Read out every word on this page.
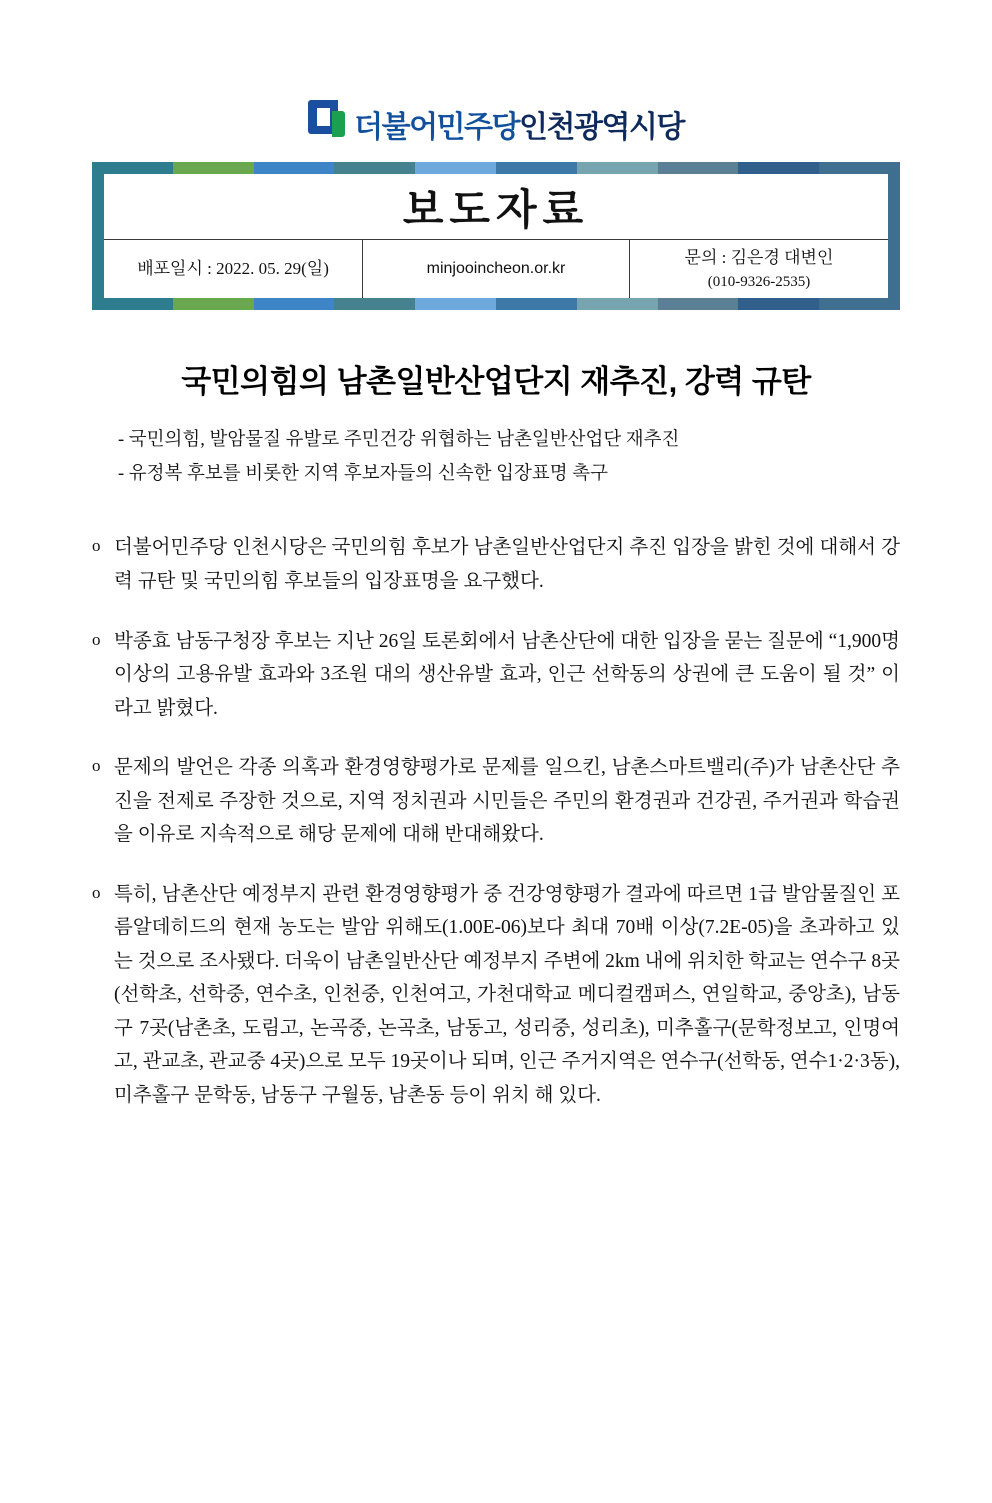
더불어민주당인천광역시당
보도자료
배포일시 : 2022. 05. 29(일)	minjooincheon.or.kr
문의 : 김은경 대변인
(010-9326-2535)
국민의힘의 남촌일반산업단지 재추진, 강력 규탄
- 국민의힘, 발암물질 유발로 주민건강 위협하는 남촌일반산업단 재추진
- 유정복 후보를 비롯한 지역 후보자들의 신속한 입장표명 촉구
o 더불어민주당 인천시당은 국민의힘 후보가 남촌일반산업단지 추진 입장을 밝힌 것에 대해서 강력 규탄 및 국민의힘 후보들의 입장표명을 요구했다.
o 박종효 남동구청장 후보는 지난 26일 토론회에서 남촌산단에 대한 입장을 묻는 질문에 “1,900명 이상의 고용유발 효과와 3조원 대의 생산유발 효과, 인근 선학동의 상권에 큰 도움이 될 것” 이라고 밝혔다.
o 문제의 발언은 각종 의혹과 환경영향평가로 문제를 일으킨, 남촌스마트밸리(주)가 남촌산단 추진을 전제로 주장한 것으로, 지역 정치권과 시민들은 주민의 환경권과 건강권, 주거권과 학습권을 이유로 지속적으로 해당 문제에 대해 반대해왔다.
o 특히, 남촌산단 예정부지 관련 환경영향평가 중 건강영향평가 결과에 따르면 1급 발암물질인 포름알데히드의 현재 농도는 발암 위해도(1.00E-06)보다 최대 70배 이상(7.2E-05)을 초과하고 있는 것으로 조사됐다. 더욱이 남촌일반산단 예정부지 주변에 2km 내에 위치한 학교는 연수구 8곳(선학초, 선학중, 연수초, 인천중, 인천여고, 가천대학교 메디컬캠퍼스, 연일학교, 중앙초), 남동구 7곳(남촌초, 도림고, 논곡중, 논곡초, 남동고, 성리중, 성리초), 미추홀구(문학정보고, 인명여고, 관교초, 관교중 4곳)으로 모두 19곳이나 되며, 인근 주거지역은 연수구(선학동, 연수1·2·3동), 미추홀구 문학동, 남동구 구월동, 남촌동 등이 위치 해 있다.
